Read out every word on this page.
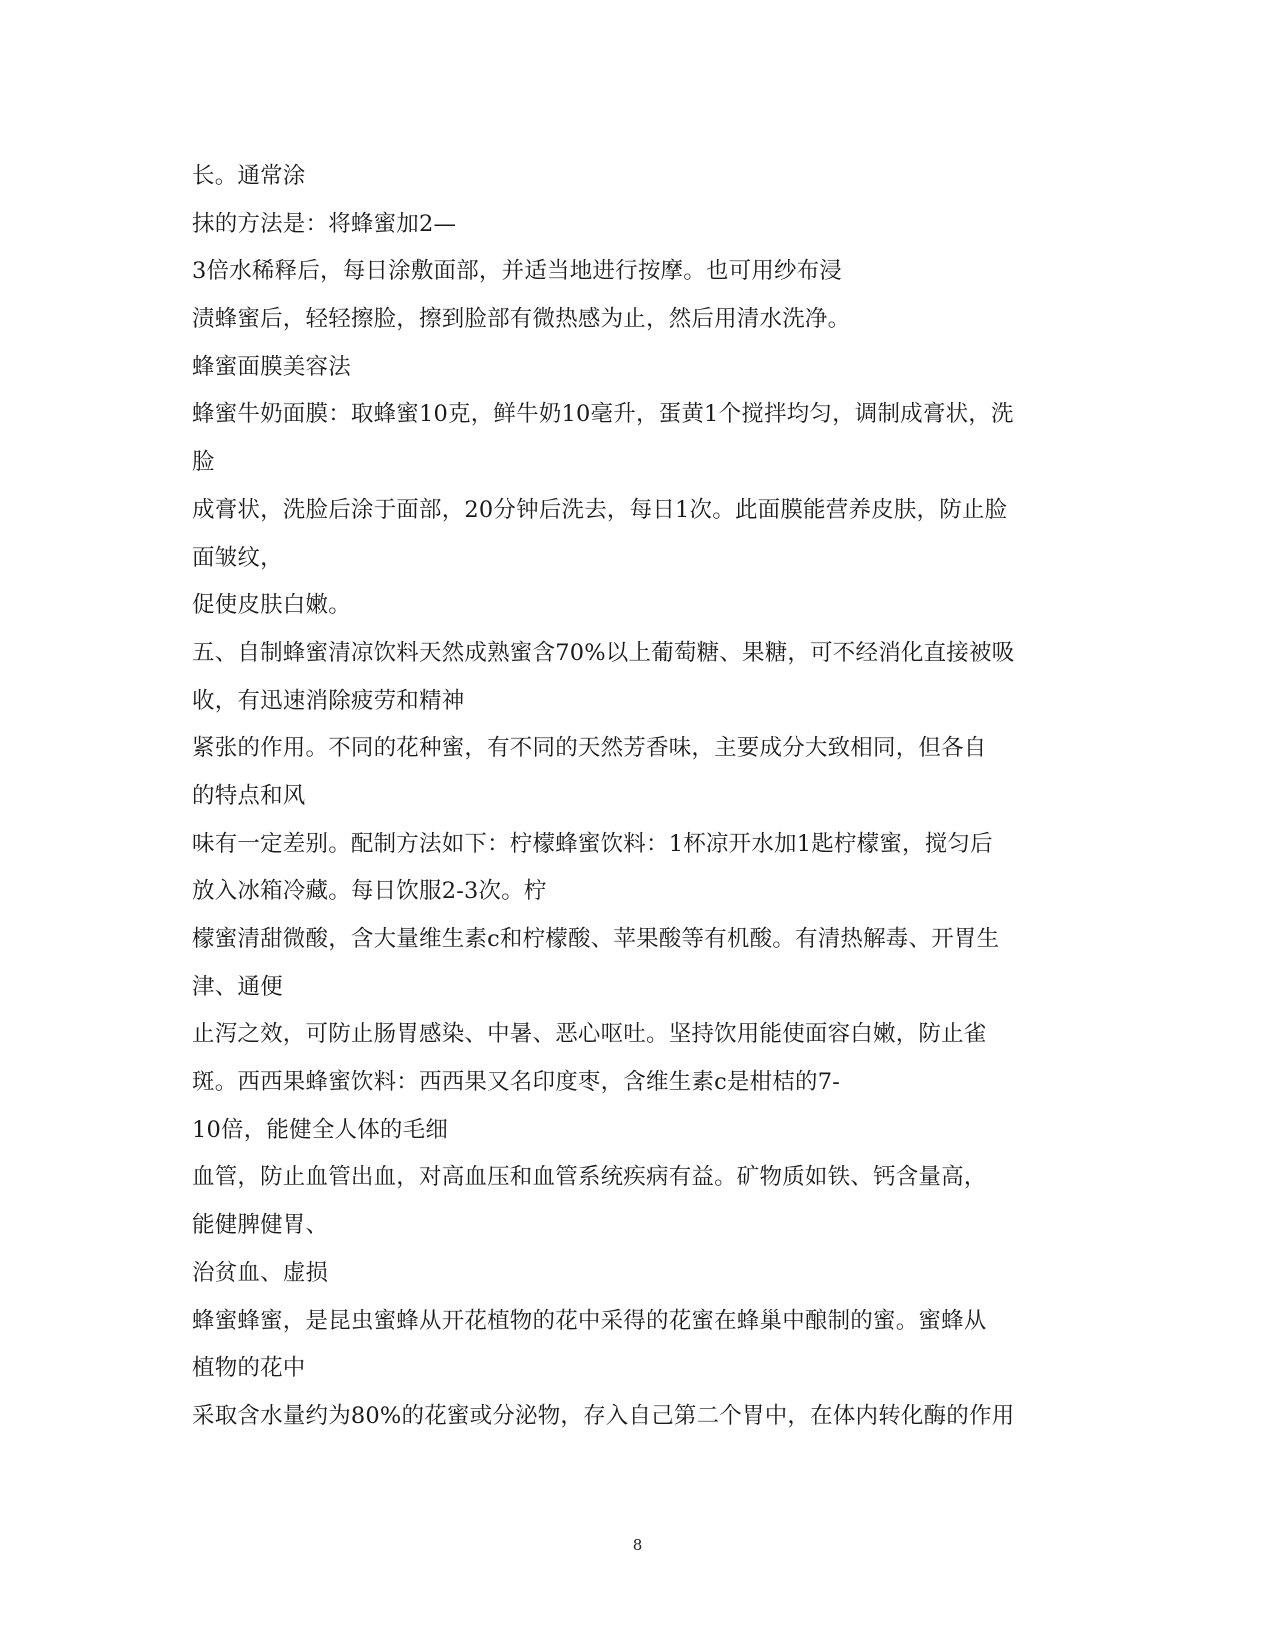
长。通常涂
抹的方法是：将蜂蜜加2—
3倍水稀释后，每日涂敷面部，并适当地进行按摩。也可用纱布浸
渍蜂蜜后，轻轻擦脸，擦到脸部有微热感为止，然后用清水洗净。
蜂蜜面膜美容法
蜂蜜牛奶面膜：取蜂蜜10克，鲜牛奶10毫升，蛋黄1个搅拌均匀，调制成膏状，洗
脸
成膏状，洗脸后涂于面部，20分钟后洗去，每日1次。此面膜能营养皮肤，防止脸
面皱纹，
促使皮肤白嫩。
五、自制蜂蜜清凉饮料天然成熟蜜含70%以上葡萄糖、果糖，可不经消化直接被吸
收，有迅速消除疲劳和精神
紧张的作用。不同的花种蜜，有不同的天然芳香味，主要成分大致相同，但各自
的特点和风
味有一定差别。配制方法如下：柠檬蜂蜜饮料：1杯凉开水加1匙柠檬蜜，搅匀后
放入冰箱冷藏。每日饮服2-3次。柠
檬蜜清甜微酸，含大量维生素c和柠檬酸、苹果酸等有机酸。有清热解毒、开胃生
津、通便
止泻之效，可防止肠胃感染、中暑、恶心呕吐。坚持饮用能使面容白嫩，防止雀
斑。西西果蜂蜜饮料：西西果又名印度枣，含维生素c是柑桔的7-
10倍，能健全人体的毛细
血管，防止血管出血，对高血压和血管系统疾病有益。矿物质如铁、钙含量高，
能健脾健胃、
治贫血、虚损
蜂蜜蜂蜜，是昆虫蜜蜂从开花植物的花中采得的花蜜在蜂巢中酿制的蜜。蜜蜂从
植物的花中
采取含水量约为80%的花蜜或分泌物，存入自己第二个胃中，在体内转化酶的作用
8
